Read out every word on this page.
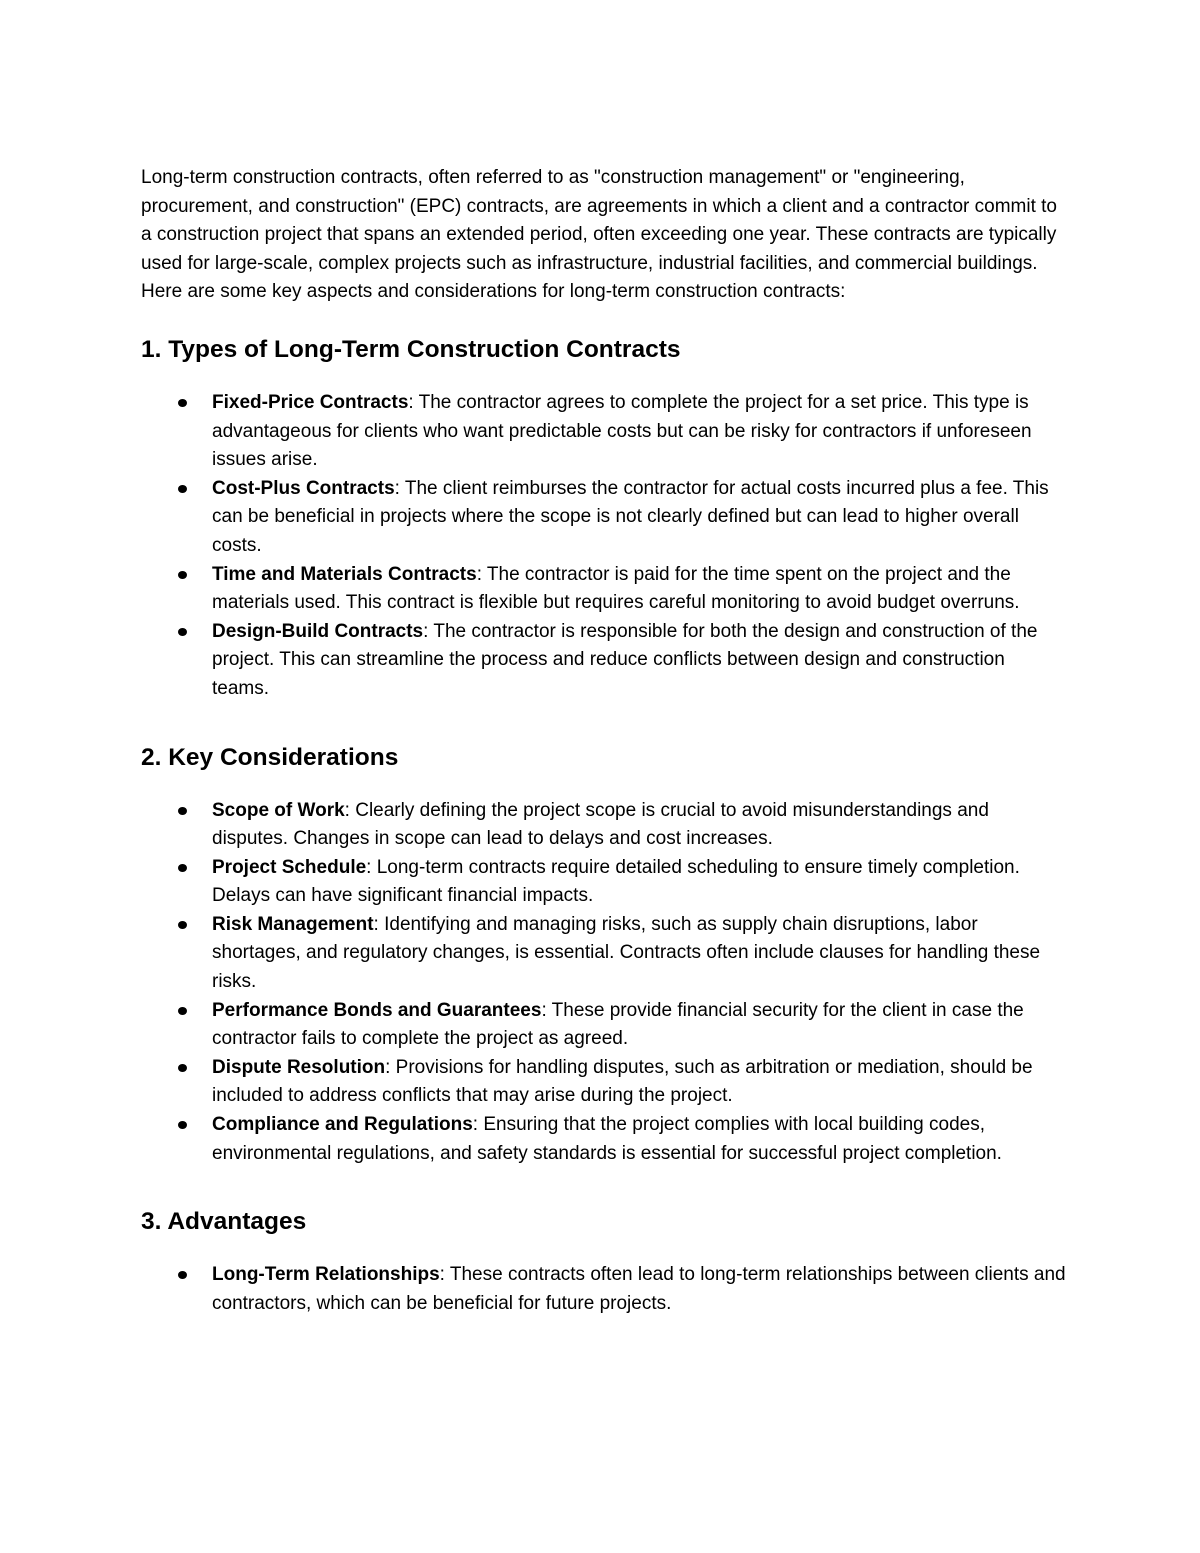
Long-term construction contracts, often referred to as "construction management" or "engineering, procurement, and construction" (EPC) contracts, are agreements in which a client and a contractor commit to a construction project that spans an extended period, often exceeding one year. These contracts are typically used for large-scale, complex projects such as infrastructure, industrial facilities, and commercial buildings. Here are some key aspects and considerations for long-term construction contracts:

1. Types of Long-Term Construction Contracts
Fixed-Price Contracts: The contractor agrees to complete the project for a set price. This type is advantageous for clients who want predictable costs but can be risky for contractors if unforeseen issues arise.
Cost-Plus Contracts: The client reimburses the contractor for actual costs incurred plus a fee. This can be beneficial in projects where the scope is not clearly defined but can lead to higher overall costs.
Time and Materials Contracts: The contractor is paid for the time spent on the project and the materials used. This contract is flexible but requires careful monitoring to avoid budget overruns.
Design-Build Contracts: The contractor is responsible for both the design and construction of the project. This can streamline the process and reduce conflicts between design and construction teams.
2. Key Considerations
Scope of Work: Clearly defining the project scope is crucial to avoid misunderstandings and disputes. Changes in scope can lead to delays and cost increases.
Project Schedule: Long-term contracts require detailed scheduling to ensure timely completion. Delays can have significant financial impacts.
Risk Management: Identifying and managing risks, such as supply chain disruptions, labor shortages, and regulatory changes, is essential. Contracts often include clauses for handling these risks.
Performance Bonds and Guarantees: These provide financial security for the client in case the contractor fails to complete the project as agreed.
Dispute Resolution: Provisions for handling disputes, such as arbitration or mediation, should be included to address conflicts that may arise during the project.
Compliance and Regulations: Ensuring that the project complies with local building codes, environmental regulations, and safety standards is essential for successful project completion.
3. Advantages
Long-Term Relationships: These contracts often lead to long-term relationships between clients and contractors, which can be beneficial for future projects.
